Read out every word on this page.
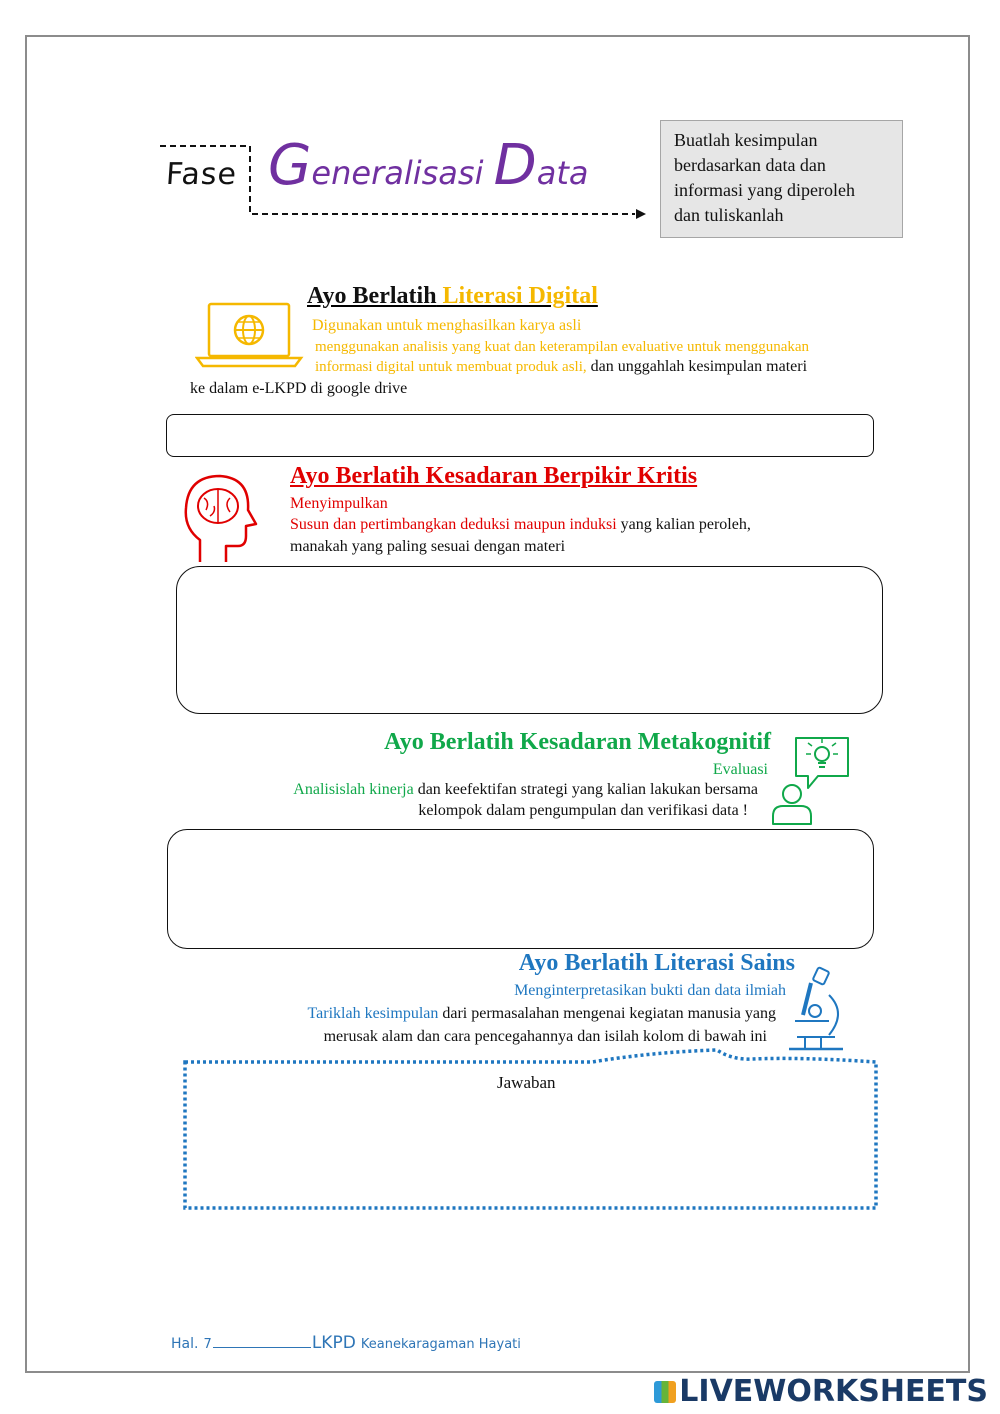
Fase Generalisasi Data
Buatlah kesimpulan
berdasarkan data dan
informasi yang diperoleh
dan tuliskanlah
Ayo Berlatih Literasi Digital
Digunakan untuk menghasilkan karya asli
menggunakan analisis yang kuat dan keterampilan evaluative untuk menggunakan
informasi digital untuk membuat produk asli, dan unggahlah kesimpulan materi
ke dalam e-LKPD di google drive
Ayo Berlatih Kesadaran Berpikir Kritis
Menyimpulkan
Susun dan pertimbangkan deduksi maupun induksi yang kalian peroleh,
manakah yang paling sesuai dengan materi
Ayo Berlatih Kesadaran Metakognitif
Evaluasi
Analisislah kinerja dan keefektifan strategi yang kalian lakukan bersama
kelompok dalam pengumpulan dan verifikasi data !
Ayo Berlatih Literasi Sains
Menginterpretasikan bukti dan data ilmiah
Tariklah kesimpulan dari permasalahan mengenai kegiatan manusia yang
merusak alam dan cara pencegahannya dan isilah kolom di bawah ini
Jawaban
Hal. 7	LKPD Keanekaragaman Hayati
LIVEWORKSHEETS
